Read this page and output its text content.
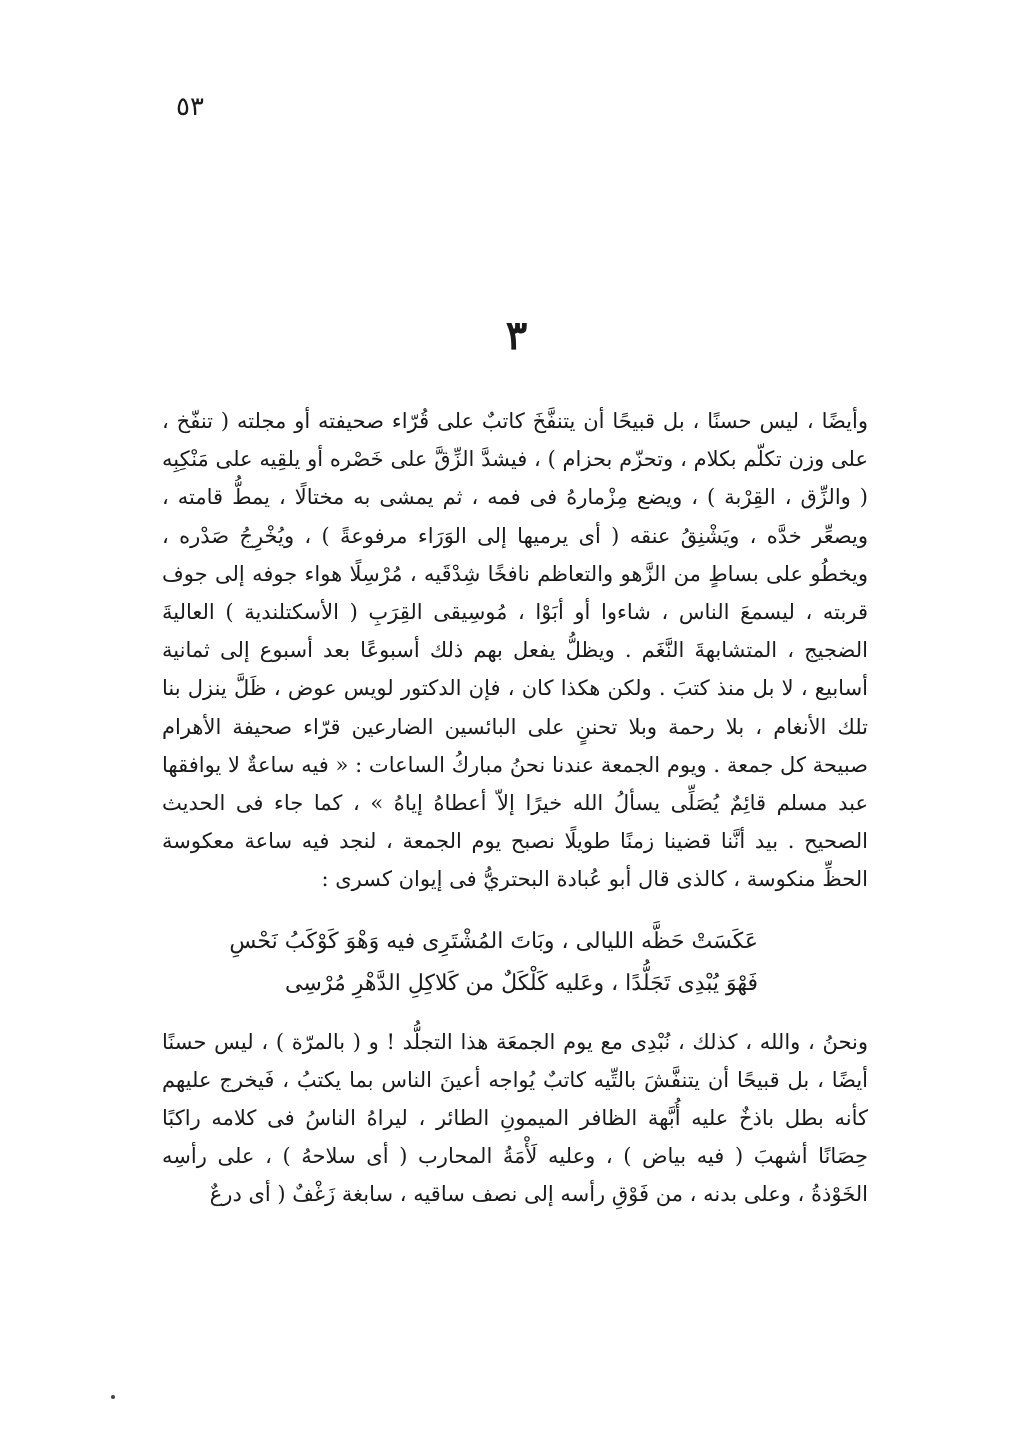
٥٣
٣

وأيضًا ، ليس حسنًا ، بل قبيحًا أن يتنفَّخَ كاتبٌ على قُرّاء صحيفته أو مجلته ( تنفّخ ، على وزن تكلّم بكلام ، وتحزّم بحزام ) ، فيشدَّ الزِّقَّ على خَصْره أو يلقِيه على مَنْكِبِه ( والزِّق ، القِرْبة ) ، ويضع مِزْمارهُ فى فمه ، ثم يمشى به مختالًا ، يمطُّ قامته ، ويصعِّر خدَّه ، ويَشْنِقُ عنقه ( أى يرميها إلى الوَرَاء مرفوعةً ) ، ويُخْرِجُ صَدْره ، ويخطُو على بساطٍ من الزَّهو والتعاظم نافخًا شِدْقَيه ، مُرْسِلًا هواء جوفه إلى جوف قربته ، ليسمعَ الناس ، شاءوا أو أبَوْا ، مُوسِيقى القِرَبِ ( الأسكتلندية ) العاليةَ الضجيج ، المتشابهةَ النَّغَم . ويظلُّ يفعل بهم ذلك أسبوعًا بعد أسبوع إلى ثمانية أسابيع ، لا بل منذ كتبَ . ولكن هكذا كان ، فإن الدكتور لويس عوض ، ظَلَّ ينزل بنا تلك الأنغام ، بلا رحمة وبلا تحننٍ على البائسين الضارعين قرّاء صحيفة الأهرام صبيحة كل جمعة . ويوم الجمعة عندنا نحنُ مباركُ الساعات : « فيه ساعةٌ لا يوافقها عبد مسلم قائِمٌ يُصَلِّى يسألُ الله خيرًا إلاّ أعطاهُ إياهُ » ، كما جاء فى الحديث الصحيح . بيد أنَّنا قضينا زمنًا طويلًا نصبح يوم الجمعة ، لنجد فيه ساعة معكوسة الحظِّ منكوسة ، كالذى قال أبو عُبادة البحتريُّ فى إيوان كسرى :

عَكَسَتْ حَظَّه الليالى ، وبَاتَ المُشْتَرِى فيه وَهْوَ كَوْكَبُ نَحْسِ
فَهْوَ يُبْدِى تَجَلُّدًا ، وعَليه كَلْكَلٌ من كَلاكِلِ الدَّهْرِ مُرْسِى

ونحنُ ، والله ، كذلك ، نُبْدِى مع يوم الجمعَة هذا التجلُّد ! و ( بالمرّة ) ، ليس حسنًا أيضًا ، بل قبيحًا أن يتنفَّشَ بالتِّيه كاتبٌ يُواجه أعينَ الناس بما يكتبُ ، فَيخرج عليهم كأنه بطل باذخٌ عليه أُبَّهة الظافر الميمونِ الطائر ، ليراهُ الناسُ فى كلامه راكبًا حِصَانًا أشهبَ ( فيه بياض ) ، وعليه لَأْمَةُ المحارب ( أى سلاحهُ ) ، على رأسِه الخَوْذةُ ، وعلى بدنه ، من فَوْقِ رأسه إلى نصف ساقيه ، سابغة زَغْفٌ ( أى درعٌ
